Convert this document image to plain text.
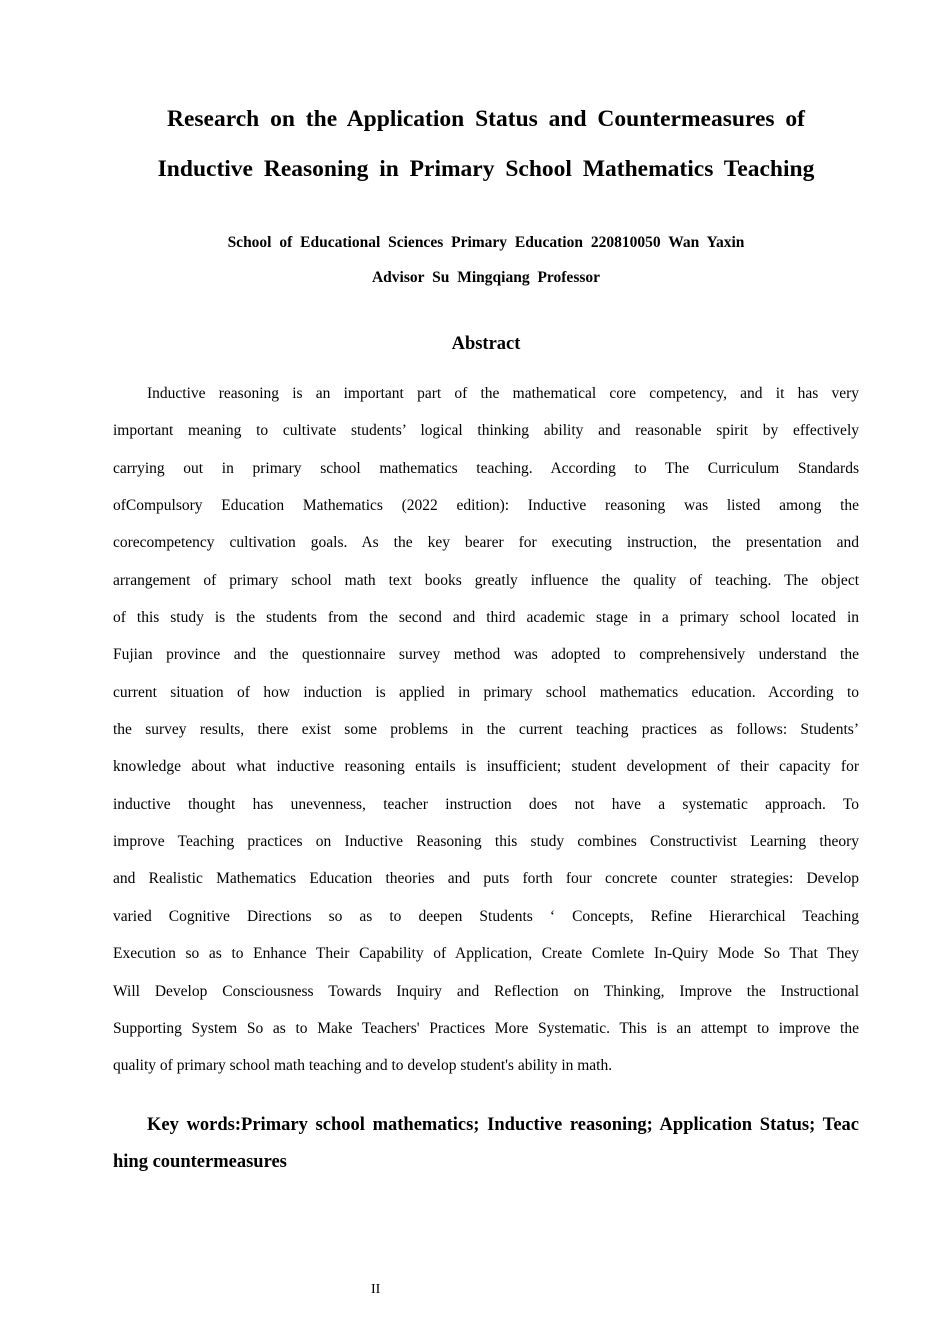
Research on the Application Status and Countermeasures of
Inductive Reasoning in Primary School Mathematics Teaching
School of Educational Sciences Primary Education 220810050 Wan Yaxin
Advisor Su Mingqiang Professor
Abstract
Inductive reasoning is an important part of the mathematical core competency, and it has very
important meaning to cultivate students’ logical thinking ability and reasonable spirit by effectively
carrying out in primary school mathematics teaching. According to The Curriculum Standards
ofCompulsory Education Mathematics (2022 edition): Inductive reasoning was listed among the
corecompetency cultivation goals. As the key bearer for executing instruction, the presentation and
arrangement of primary school math text books greatly influence the quality of teaching. The object
of this study is the students from the second and third academic stage in a primary school located in
Fujian province and the questionnaire survey method was adopted to comprehensively understand the
current situation of how induction is applied in primary school mathematics education. According to
the survey results, there exist some problems in the current teaching practices as follows: Students’
knowledge about what inductive reasoning entails is insufficient; student development of their capacity for
inductive thought has unevenness, teacher instruction does not have a systematic approach. To
improve Teaching practices on Inductive Reasoning this study combines Constructivist Learning theory
and Realistic Mathematics Education theories and puts forth four concrete counter strategies: Develop
varied Cognitive Directions so as to deepen Students ‘ Concepts, Refine Hierarchical Teaching
Execution so as to Enhance Their Capability of Application, Create Comlete In-Quiry Mode So That They
Will Develop Consciousness Towards Inquiry and Reflection on Thinking, Improve the Instructional
Supporting System So as to Make Teachers' Practices More Systematic. This is an attempt to improve the
quality of primary school math teaching and to develop student's ability in math.
Key words:Primary school mathematics; Inductive reasoning; Application Status; Teac
hing countermeasures
II
